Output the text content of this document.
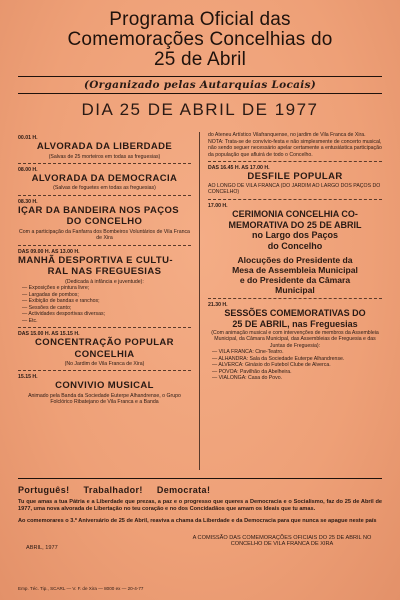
Programa Oficial das
Comemorações Concelhias do
25 de Abril
(Organizado pelas Autarquias Locais)
DIA 25 DE ABRIL DE 1977
00.01 H.
ALVORADA DA LIBERDADE
(Salvas de 25 morteiros em todas as freguesias)
08.00 H.
ALVORADA DA DEMOCRACIA
(Salvas de foguetes em todas as freguesias)
08.30 H.
IÇAR DA BANDEIRA NOS PAÇOS
DO CONCELHO
Com a participação da Fanfarra dos Bombeiros Voluntários de Vila Franca de Xira
DAS 09.00 H. AS 13.00 H.
MANHÃ DESPORTIVA E CULTU-
RAL NAS FREGUESIAS
(Dedicada à infância e juventude):
— Exposições e pintura livre;
— Largadas de pombos;
— Exibição de bandas e ranchos;
— Sessões de canto;
— Actividades desportivas diversas;
— Etc.
DAS 15.00 H. AS 15.15 H.
CONCENTRAÇÃO POPULAR
CONCELHIA
(No Jardim de Vila Franca de Xira)
15.15 H.
CONVIVIO MUSICAL
Animado pela Banda da Sociedade Euterpe Alhandrense, o Grupo Folclórico Ribatejano de Vila Franca e a Banda
do Ateneu Artístico Vilafranquense, no jardim de Vila Franca de Xira.
NOTA: Trata-se de convívio-festa e não simplesmente de concerto musical, não sendo seguer necessário apelar certamente a entusiástica participação da população que afluirá de todo o Concelho.
DAS 16.45 H. AS 17.00 H.
DESFILE POPULAR
AO LONGO DE VILA FRANCA (DO JARDIM AO LARGO DOS PAÇOS DO CONCELHO)
17.00 H.
CERIMONIA CONCELHIA CO-
MEMORATIVA DO 25 DE ABRIL
no Largo dos Paços
do Concelho
Alocuções do Presidente da
Mesa de Assembleia Municipal
e do Presidente da Câmara
Municipal
21.30 H.
SESSÕES COMEMORATIVAS DO
25 DE ABRIL, nas Freguesias
(Com animação musical e com intervenções de membros da Assembleia Municipal, da Câmara Municipal, das Assembleias de Freguesia e das Juntas de Freguesia):
— VILA FRANCA: Cine-Teatro.
— ALHANDRA: Sala da Sociedade Euterpe Alhandrense.
— ALVERCA: Ginásio do Futebol Clube de Alverca.
— POVOA: Pavilhão da Abelheira.
— VIALONGA: Casa do Povo.
Português! Trabalhador! Democrata!
Tu que amas a tua Pátria e a Liberdade que prezas, a paz e o progresso que queres a Democracia e o Socialismo, faz do 25 de Abril de 1977, uma nova alvorada de Libertação no teu coração e no dos Concidadãos que amam os Ideais que tu amas.
Ao comemorares o 3.º Aniversário de 25 de Abril, reaviva a chama da Liberdade e da Democracia para que nunca se apague neste país
ABRIL, 1977
A COMISSÃO DAS COMEMORAÇÕES OFICIAIS DO 25 DE ABRIL NO CONCELHO DE VILA FRANCA DE XIRA
Emp. Téc. Tip., SCARL — V. F. de Xira — 8000 ex — 20-4-77
